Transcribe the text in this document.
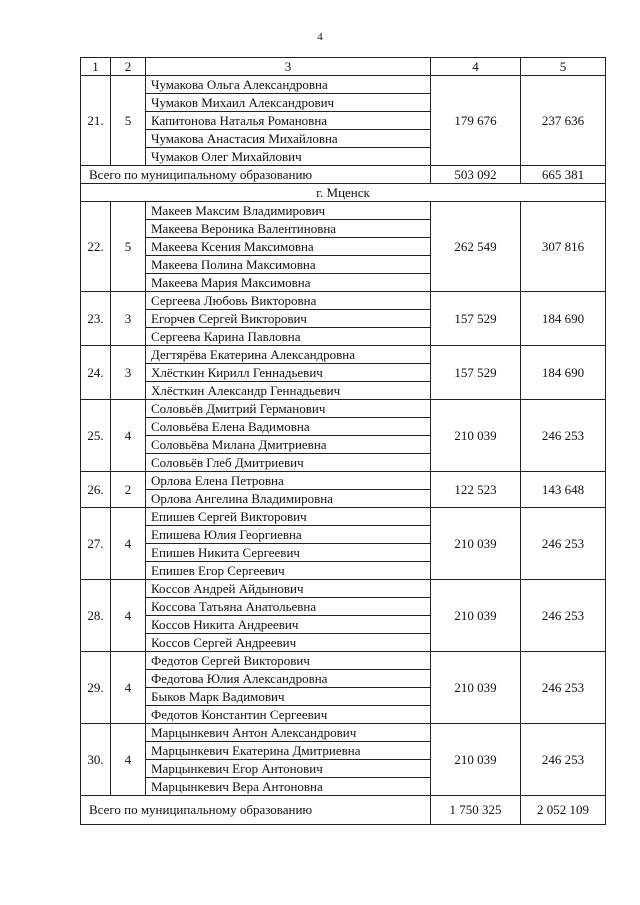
4
1	2	3	4	5
21.	5	Чумакова Ольга Александровна	179 676	237 636
		Чумаков Михаил Александрович		
		Капитонова Наталья Романовна		
		Чумакова Анастасия Михайловна		
		Чумаков Олег Михайлович		
Всего по муниципальному образованию			503 092	665 381
г. Мценск				
22.	5	Макеев Максим Владимирович	262 549	307 816
		Макеева Вероника Валентиновна		
		Макеева Ксения Максимовна		
		Макеева Полина Максимовна		
		Макеева Мария Максимовна		
23.	3	Сергеева Любовь Викторовна	157 529	184 690
		Егорчев Сергей Викторович		
		Сергеева Карина Павловна		
24.	3	Дегтярёва Екатерина Александровна	157 529	184 690
		Хлёсткин Кирилл Геннадьевич		
		Хлёсткин Александр Геннадьевич		
25.	4	Соловьёв Дмитрий Германович	210 039	246 253
		Соловьёва Елена Вадимовна		
		Соловьёва Милана Дмитриевна		
		Соловьёв Глеб Дмитриевич		
26.	2	Орлова Елена Петровна	122 523	143 648
		Орлова Ангелина Владимировна		
27.	4	Епишев Сергей Викторович	210 039	246 253
		Епишева Юлия Георгиевна		
		Епишев Никита Сергеевич		
		Епишев Егор Сергеевич		
28.	4	Коссов Андрей Айдынович	210 039	246 253
		Коссова Татьяна Анатольевна		
		Коссов Никита Андреевич		
		Коссов Сергей Андреевич		
29.	4	Федотов Сергей Викторович	210 039	246 253
		Федотова Юлия Александровна		
		Быков Марк Вадимович		
		Федотов Константин Сергеевич		
30.	4	Марцынкевич Антон Александрович	210 039	246 253
		Марцынкевич Екатерина Дмитриевна		
		Марцынкевич Егор Антонович		
		Марцынкевич Вера Антоновна		
Всего по муниципальному образованию			1 750 325	2 052 109
